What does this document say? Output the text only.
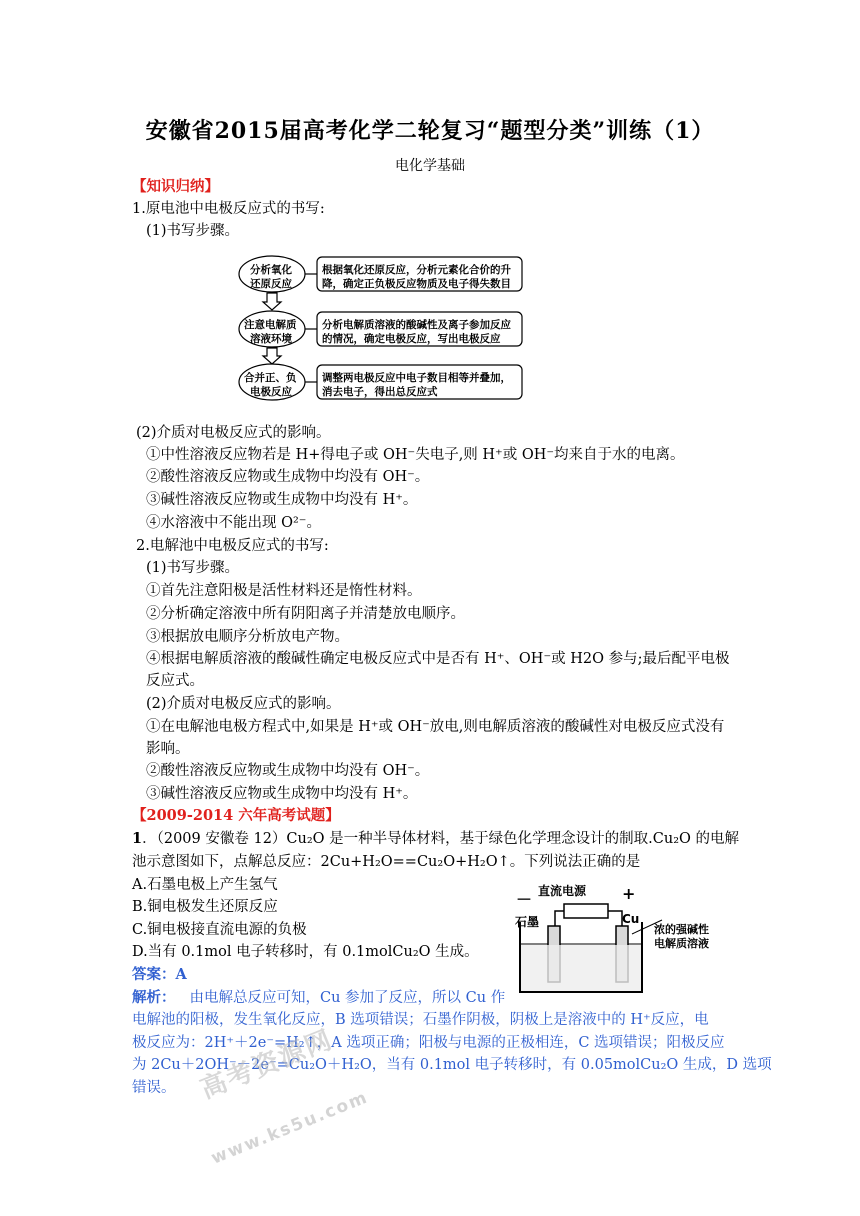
安徽省2015届高考化学二轮复习“题型分类”训练（1）
电化学基础
【知识归纳】
1.原电池中电极反应式的书写:
(1)书写步骤。
分析氧化
还原反应
根据氧化还原反应，分析元素化合价的升
降，确定正负极反应物质及电子得失数目
注意电解质
溶液环境
分析电解质溶液的酸碱性及离子参加反应
的情况，确定电极反应，写出电极反应
合并正、负
电极反应
调整两电极反应中电子数目相等并叠加，
消去电子，得出总反应式
(2)介质对电极反应式的影响。
①中性溶液反应物若是 H+得电子或 OH⁻失电子,则 H⁺或 OH⁻均来自于水的电离。
②酸性溶液反应物或生成物中均没有 OH⁻。
③碱性溶液反应物或生成物中均没有 H⁺。
④水溶液中不能出现 O²⁻。
2.电解池中电极反应式的书写:
(1)书写步骤。
①首先注意阳极是活性材料还是惰性材料。
②分析确定溶液中所有阴阳离子并清楚放电顺序。
③根据放电顺序分析放电产物。
④根据电解质溶液的酸碱性确定电极反应式中是否有 H⁺、OH⁻或 H2O 参与;最后配平电极
反应式。
(2)介质对电极反应式的影响。
①在电解池电极方程式中,如果是 H⁺或 OH⁻放电,则电解质溶液的酸碱性对电极反应式没有
影响。
②酸性溶液反应物或生成物中均没有 OH⁻。
③碱性溶液反应物或生成物中均没有 H⁺。
【2009-2014 六年高考试题】
1．（2009 安徽卷 12）Cu₂O 是一种半导体材料，基于绿色化学理念设计的制取.Cu₂O 的电解
池示意图如下，点解总反应：2Cu+H₂O==Cu₂O+H₂O↑。下列说法正确的是
A.石墨电极上产生氢气
B.铜电极发生还原反应
C.铜电极接直流电源的负极
D.当有 0.1mol 电子转移时，有 0.1molCu₂O 生成。
答案：A
解析： 由电解总反应可知，Cu 参加了反应，所以 Cu 作
电解池的阳极，发生氧化反应，B 选项错误；石墨作阴极，阴极上是溶液中的 H⁺反应，电
极反应为：2H⁺＋2e⁻=H₂↑，A 选项正确；阳极与电源的正极相连，C 选项错误；阳极反应
为 2Cu＋2OH⁻－2e⁻=Cu₂O＋H₂O，当有 0.1mol 电子转移时，有 0.05molCu₂O 生成，D 选项
错误。
直流电源
－	+
石墨	Cu
浓的强碱性
电解质溶液
高考资源网
www.ks5u.com
